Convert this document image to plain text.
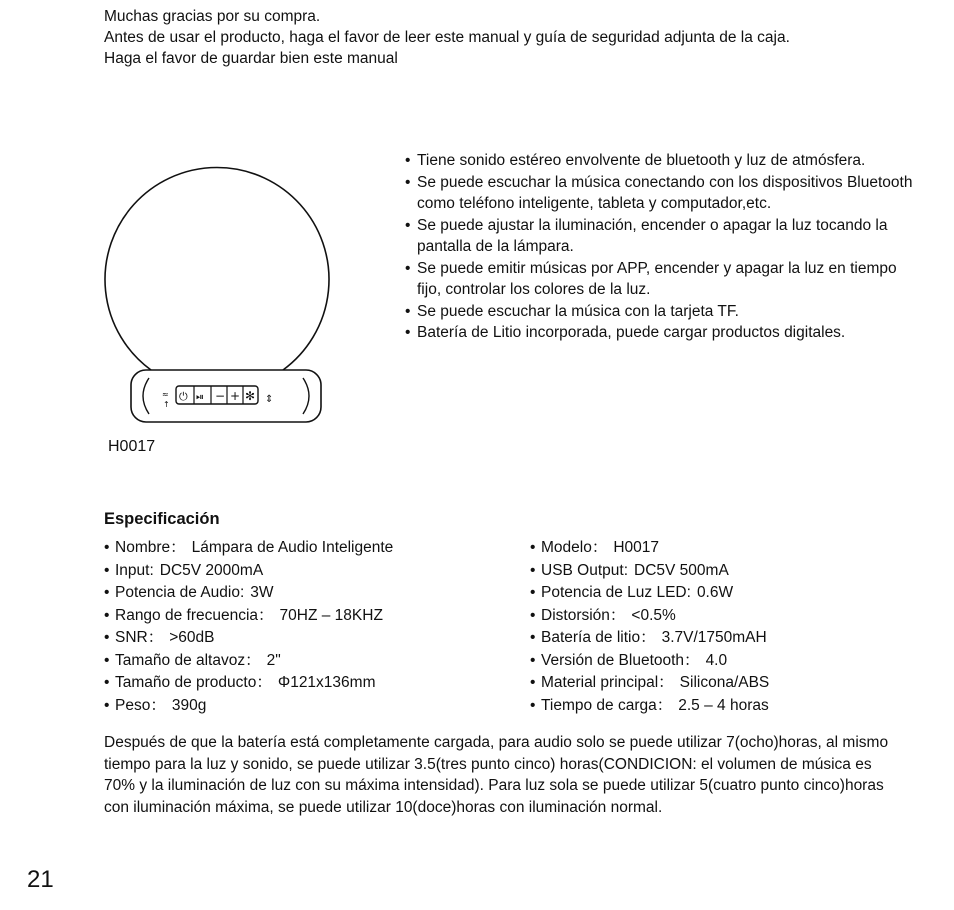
Muchas gracias por su compra.

Antes de usar el producto, haga el favor de leer este manual y guía de seguridad adjunta de la caja.

Haga el favor de guardar bien este manual

≈
↑
⏻ ⏯ − + ✻ ⇕
H0017
• Tiene sonido estéreo envolvente de bluetooth y luz de atmósfera.
• Se puede escuchar la música conectando con los dispositivos Bluetooth como teléfono inteligente, tableta y computador,etc.
• Se puede ajustar la iluminación, encender o apagar la luz tocando la pantalla de la lámpara.
• Se puede emitir músicas por APP, encender y apagar la luz en tiempo fijo, controlar los colores de la luz.
• Se puede escuchar la música con la tarjeta TF.
• Batería de Litio incorporada, puede cargar productos digitales.
Especificación
• Nombre： Lámpara de Audio Inteligente
• Input: DC5V 2000mA
• Potencia de Audio: 3W
• Rango de frecuencia： 70HZ – 18KHZ
• SNR： >60dB
• Tamaño de altavoz： 2"
• Tamaño de producto： Φ121x136mm
• Peso： 390g
• Modelo： H0017
• USB Output: DC5V 500mA
• Potencia de Luz LED: 0.6W
• Distorsión： <0.5%
• Batería de litio： 3.7V/1750mAH
• Versión de Bluetooth： 4.0
• Material principal： Silicona/ABS
• Tiempo de carga： 2.5 – 4 horas

Después de que la batería está completamente cargada, para audio solo se puede utilizar 7(ocho)horas, al mismo tiempo para la luz y sonido, se puede utilizar 3.5(tres punto cinco) horas(CONDICION: el volumen de música es 70% y la iluminación de luz con su máxima intensidad). Para luz sola se puede utilizar 5(cuatro punto cinco)horas con iluminación máxima, se puede utilizar 10(doce)horas con iluminación normal.

21
